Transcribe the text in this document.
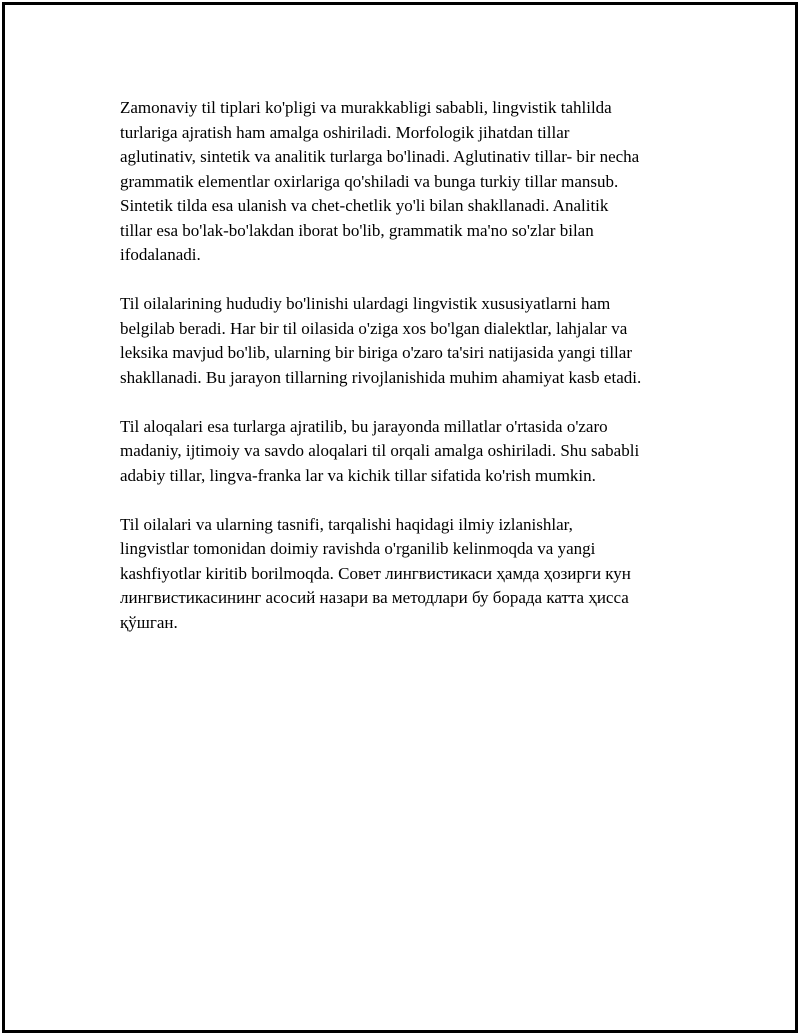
Zamonaviy til tiplari ko'pligi va murakkabligi sababli, lingvistik tahlilda
turlariga ajratish ham amalga oshiriladi. Morfologik jihatdan tillar
aglutinativ, sintetik va analitik turlarga bo'linadi. Aglutinativ tillar- bir necha
grammatik elementlar oxirlariga qo'shiladi va bunga turkiy tillar mansub.
Sintetik tilda esa ulanish va chet-chetlik yo'li bilan shakllanadi. Analitik
tillar esa bo'lak-bo'lakdan iborat bo'lib, grammatik ma'no so'zlar bilan
ifodalanadi.

Til oilalarining hududiy bo'linishi ulardagi lingvistik xususiyatlarni ham
belgilab beradi. Har bir til oilasida o'ziga xos bo'lgan dialektlar, lahjalar va
leksika mavjud bo'lib, ularning bir biriga o'zaro ta'siri natijasida yangi tillar
shakllanadi. Bu jarayon tillarning rivojlanishida muhim ahamiyat kasb etadi.

Til aloqalari esa turlarga ajratilib, bu jarayonda millatlar o'rtasida o'zaro
madaniy, ijtimoiy va savdo aloqalari til orqali amalga oshiriladi. Shu sababli
adabiy tillar, lingva-franka lar va kichik tillar sifatida ko'rish mumkin.

Til oilalari va ularning tasnifi, tarqalishi haqidagi ilmiy izlanishlar,
lingvistlar tomonidan doimiy ravishda o'rganilib kelinmoqda va yangi
kashfiyotlar kiritib borilmoqda. Совет лингвистикаси ҳамда ҳозирги кун
лингвистикасининг асосий назари ва методлари бу борада катта ҳисса
қўшган.
